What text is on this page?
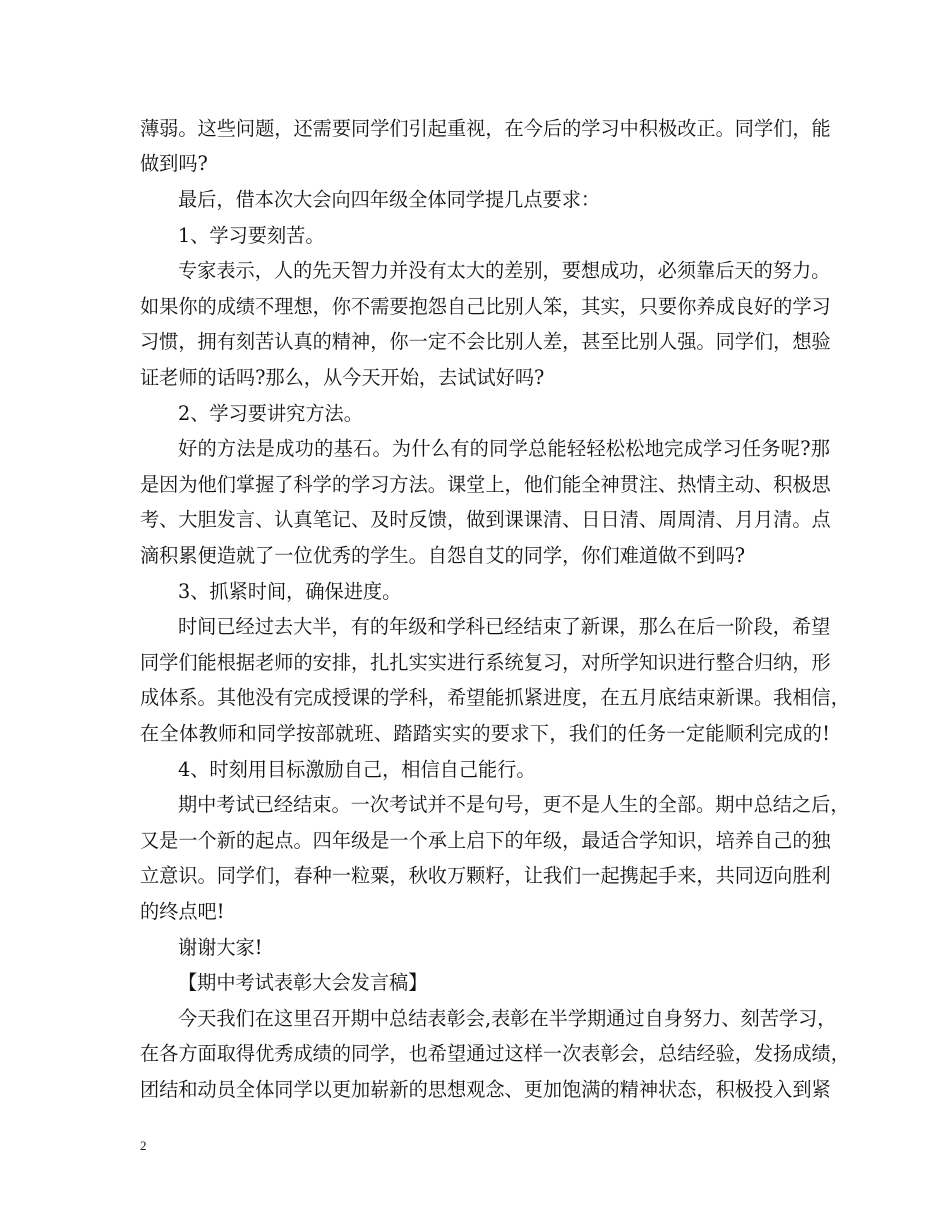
薄弱。这些问题，还需要同学们引起重视，在今后的学习中积极改正。同学们，能
做到吗?
最后，借本次大会向四年级全体同学提几点要求：
1、学习要刻苦。
专家表示，人的先天智力并没有太大的差别，要想成功，必须靠后天的努力。
如果你的成绩不理想，你不需要抱怨自己比别人笨，其实，只要你养成良好的学习
习惯，拥有刻苦认真的精神，你一定不会比别人差，甚至比别人强。同学们，想验
证老师的话吗?那么，从今天开始，去试试好吗?
2、学习要讲究方法。
好的方法是成功的基石。为什么有的同学总能轻轻松松地完成学习任务呢?那
是因为他们掌握了科学的学习方法。课堂上，他们能全神贯注、热情主动、积极思
考、大胆发言、认真笔记、及时反馈，做到课课清、日日清、周周清、月月清。点
滴积累便造就了一位优秀的学生。自怨自艾的同学，你们难道做不到吗?
3、抓紧时间，确保进度。
时间已经过去大半，有的年级和学科已经结束了新课，那么在后一阶段，希望
同学们能根据老师的安排，扎扎实实进行系统复习，对所学知识进行整合归纳，形
成体系。其他没有完成授课的学科，希望能抓紧进度，在五月底结束新课。我相信，
在全体教师和同学按部就班、踏踏实实的要求下，我们的任务一定能顺利完成的!
4、时刻用目标激励自己，相信自己能行。
期中考试已经结束。一次考试并不是句号，更不是人生的全部。期中总结之后，
又是一个新的起点。四年级是一个承上启下的年级，最适合学知识，培养自己的独
立意识。同学们，春种一粒粟，秋收万颗籽，让我们一起携起手来，共同迈向胜利
的终点吧!
谢谢大家!
【期中考试表彰大会发言稿】
今天我们在这里召开期中总结表彰会,表彰在半学期通过自身努力、刻苦学习，
在各方面取得优秀成绩的同学，也希望通过这样一次表彰会，总结经验，发扬成绩，
团结和动员全体同学以更加崭新的思想观念、更加饱满的精神状态，积极投入到紧
2
